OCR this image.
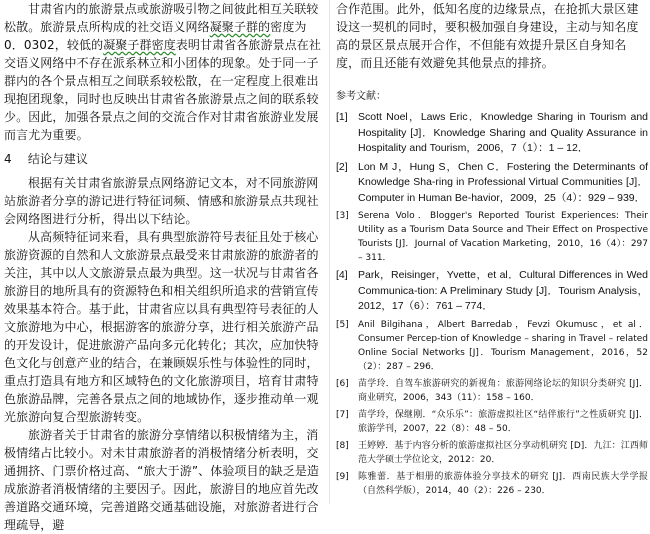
甘肃省内的旅游景点或旅游吸引物之间彼此相互关联较松散。旅游景点所构成的社交语义网络凝聚子群的密度为0．0302，较低的凝聚子群密度表明甘肃省各旅游景点在社交语义网络中不存在派系林立和小团体的现象。处于同一子群内的各个景点相互之间联系较松散，在一定程度上很难出现抱团现象，同时也反映出甘肃省各旅游景点之间的联系较少。因此，加强各景点之间的交流合作对甘肃省旅游业发展而言尤为重要。

4 结论与建议

根据有关甘肃省旅游景点网络游记文本，对不同旅游网站旅游者分享的游记进行特征词频、情感和旅游景点共现社会网络图进行分析，得出以下结论。

从高频特征词来看，具有典型旅游符号表征且处于核心旅游资源的自然和人文旅游景点最受来甘肃旅游的旅游者的关注，其中以人文旅游景点最为典型。这一状况与甘肃省各旅游目的地所具有的资源特色和相关组织所追求的营销宣传效果基本符合。基于此，甘肃省应以具有典型符号表征的人文旅游地为中心，根据游客的旅游分享，进行相关旅游产品的开发设计，促进旅游产品向多元化转化；其次，应加快特色文化与创意产业的结合，在兼顾娱乐性与体验性的同时，重点打造具有地方和区域特色的文化旅游项目，培育甘肃特色旅游品牌，完善各景点之间的地域协作，逐步推动单一观光旅游向复合型旅游转变。

旅游者关于甘肃省的旅游分享情绪以积极情绪为主，消极情绪占比较小。对未甘肃旅游者的消极情绪分析表明，交通拥挤、门票价格过高、“旅大于游”、体验项目的缺乏是造成旅游者消极情绪的主要因子。因此，旅游目的地应首先改善道路交通环境，完善道路交通基础设施，对旅游者进行合理疏导，避

合作范围。此外，低知名度的边缘景点，在抢抓大景区建设这一契机的同时，要积极加强自身建设，主动与知名度高的景区景点展开合作，不但能有效提升景区自身知名度，而且还能有效避免其他景点的排挤。

参考文献：
[1] Scott Noel，Laws Eric．Knowledge Sharing in Tourism and Hospitality [J]．Knowledge Sharing and Quality Assurance in Hospitality and Tourism，2006，7（1）：1 – 12．
[2] Lon M J，Hung S，Chen C．Fostering the Determinants of Knowledge Sha-ring in Professional Virtual Communities [J]．Computer in Human Be-havior，2009，25（4）：929 – 939．
[3]	Serena Volo．Blogger's Reported Tourist Experiences: Their Utility as a Tourism Data Source and Their Effect on Prospective Tourists [J]．Journal of Vacation Marketing，2010，16（4）：297 – 311．
[4] Park，Reisinger，Yvette，et al．Cultural Differences in Wed Communica-tion: A Preliminary Study [J]．Tourism Analysis，2012，17（6）：761 – 774．
[5]	Anil Bilgihana，Albert Barredab，Fevzi Okumusc，et al．Consumer Percep-tion of Knowledge – sharing in Travel – related Online Social Networks [J]．Tourism Management，2016，52（2）：287 – 296．
[6]	苗学玲．自驾车旅游研究的新视角：旅游网络论坛的知识分类研究 [J]．商业研究，2006，343（11）：158 – 160．
[7]	苗学玲，保继刚．“众乐乐”：旅游虚拟社区“结伴旅行”之性质研究 [J]．旅游学刊，2007，22（8）：48 – 50．
[8]	王婷婷．基于内容分析的旅游虚拟社区分享动机研究 [D]．九江：江西师范大学硕士学位论文，2012：20．
[9]	陈雅蕾．基于相册的旅游体验分享技术的研究 [J]．西南民族大学学报（自然科学版），2014，40（2）：226 – 230．
